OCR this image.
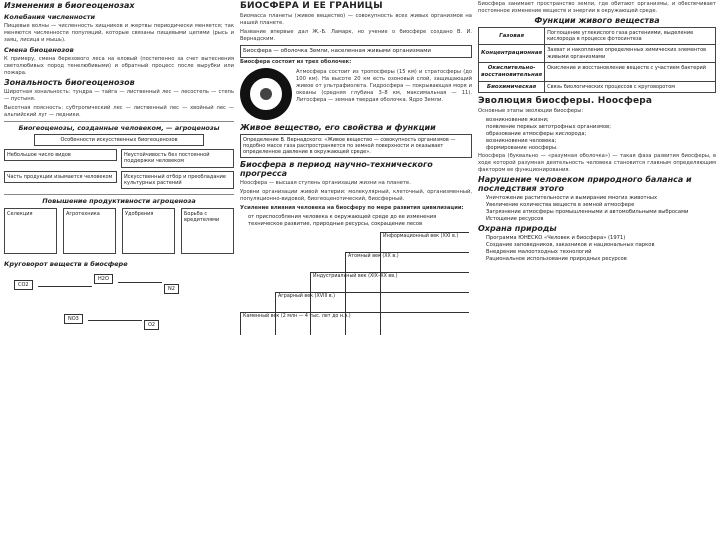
Изменения в биогеоценозах
Колебания численности
Пищевые волны — численность хищников и жертвы периодически меняется; так меняются численности популяций, которые связаны пищевыми цепями (рысь и заяц, лисица и мышь).
Смена биоценозов
К примеру, смена березового леса на еловый (постепенно за счет вытеснения светолюбивых пород тенелюбивыми) и обратный процесс после вырубки или пожара.
Зональность биогеоценозов
Широтная зональность: тундра — тайга — лиственный лес — лесостепь — степь — пустыня.
Высотная поясность: субтропический лес — лиственный лес — хвойный лес — альпийский луг — ледники.
Биогеоценозы, созданные человеком, — агроценозы
Особенности искусственных биогеоценозов
Небольшое число видов	Неустойчивость без постоянной поддержки человеком
Часть продукции изымается человеком	Искусственный отбор и преобладание культурных растений
Повышение продуктивности агроценоза
Селекция	Агротехника	Удобрения	Борьба с вредителями
Круговорот веществ в биосфере
CO2
H2O
N2
NO3
O2
БИОСФЕРА И ЕЕ ГРАНИЦЫ
Биомасса планеты (живое вещество) — совокупность всех живых организмов на нашей планете.
Название впервые дал Ж.-Б. Ламарк, но учение о биосфере создано В. И. Вернадским.
Биосфера — оболочка Земли, населенная живыми организмами
Биосфера состоит из трех оболочек:
Атмосфера состоит из тропосферы (15 км) и стратосферы (до 100 км). На высоте 20 км есть озоновый слой, защищающий живое от ультрафиолета. Гидросфера — покрывающая моря и океаны (средняя глубина 3–8 км, максимальная — 11). Литосфера — земная твердая оболочка. Ядро Земли.
Живое вещество, его свойства и функции
Определение В. Вернадского: «Живое вещество — совокупность организмов — подобно массе газа распространяется по земной поверхности и оказывает определенное давление в окружающей среде».
Биосфера в период научно-технического прогресса
Ноосфера — высшая ступень организации жизни на планете.
Уровни организации живой материи: молекулярный, клеточный, организменный, популяционно-видовой, биогеоценотический, биосферный.
Усиление влияния человека на биосферу по мере развития цивилизации:
• от приспособления человека к окружающей среде до ее изменения
• техническое развитие, природные ресурсы, сокращение лесов
Информационный век (XXI в.)
Атомный век (XX в.)
Индустриальный век (XIX–XX вв.)
Аграрный век (XVIII в.)
Каменный век (2 млн — 4 тыс. лет до н.э.)
Биосфера занимает пространство земли, где обитают организмы, и обеспечивает постоянное изменение веществ и энергии в окружающей среде.
Функции живого вещества
Газовая	Поглощение углекислого газа растениями, выделение кислорода в процессе фотосинтеза
Концентрационная	Захват и накопление определенных химических элементов живыми организмами
Окислительно-восстановительная	Окисление и восстановление веществ с участием бактерий
Биохимическая	Связь биологических процессов с круговоротом
Эволюция биосферы. Ноосфера
Основные этапы эволюции биосферы:
• возникновение жизни;
• появление первых автотрофных организмов;
• образование атмосферы кислорода;
• возникновение человека;
• формирование ноосферы.
Ноосфера (буквально — «разумная оболочка») — такая фаза развития биосферы, в ходе которой разумная деятельность человека становится главным определяющим фактором ее функционирования.
Нарушение человеком природного баланса и последствия этого
• Уничтожение растительности и вымирание многих животных
• Увеличение количества веществ в земной атмосфере
• Загрязнение атмосферы промышленными и автомобильными выбросами
• Истощение ресурсов
Охрана природы
• Программа ЮНЕСКО «Человек и биосфера» (1971)
• Создание заповедников, заказников и национальных парков
• Внедрение малоотходных технологий
• Рациональное использование природных ресурсов
